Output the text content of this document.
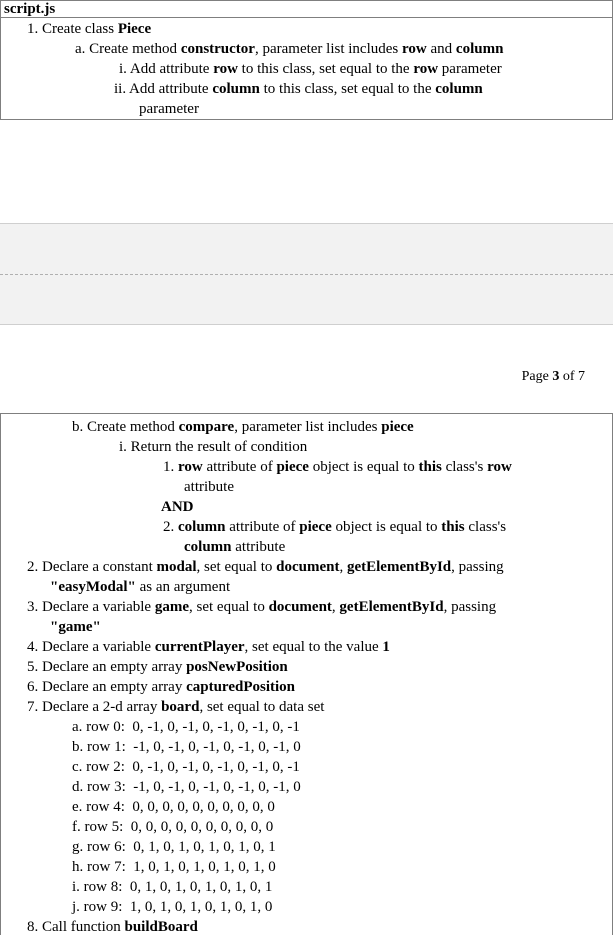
script.js
1. Create class Piece
a. Create method constructor, parameter list includes row and column
i. Add attribute row to this class, set equal to the row parameter
ii. Add attribute column to this class, set equal to the column
parameter
Page 3 of 7
b. Create method compare, parameter list includes piece
i. Return the result of condition
1. row attribute of piece object is equal to this class's row
attribute
AND
2. column attribute of piece object is equal to this class's
column attribute
2. Declare a constant modal, set equal to document, getElementById, passing
"easyModal" as an argument
3. Declare a variable game, set equal to document, getElementById, passing
"game"
4. Declare a variable currentPlayer, set equal to the value 1
5. Declare an empty array posNewPosition
6. Declare an empty array capturedPosition
7. Declare a 2-d array board, set equal to data set
a. row 0:  0, -1, 0, -1, 0, -1, 0, -1, 0, -1
b. row 1:  -1, 0, -1, 0, -1, 0, -1, 0, -1, 0
c. row 2:  0, -1, 0, -1, 0, -1, 0, -1, 0, -1
d. row 3:  -1, 0, -1, 0, -1, 0, -1, 0, -1, 0
e. row 4:  0, 0, 0, 0, 0, 0, 0, 0, 0, 0
f. row 5:  0, 0, 0, 0, 0, 0, 0, 0, 0, 0
g. row 6:  0, 1, 0, 1, 0, 1, 0, 1, 0, 1
h. row 7:  1, 0, 1, 0, 1, 0, 1, 0, 1, 0
i. row 8:  0, 1, 0, 1, 0, 1, 0, 1, 0, 1
j. row 9:  1, 0, 1, 0, 1, 0, 1, 0, 1, 0
8. Call function buildBoard
